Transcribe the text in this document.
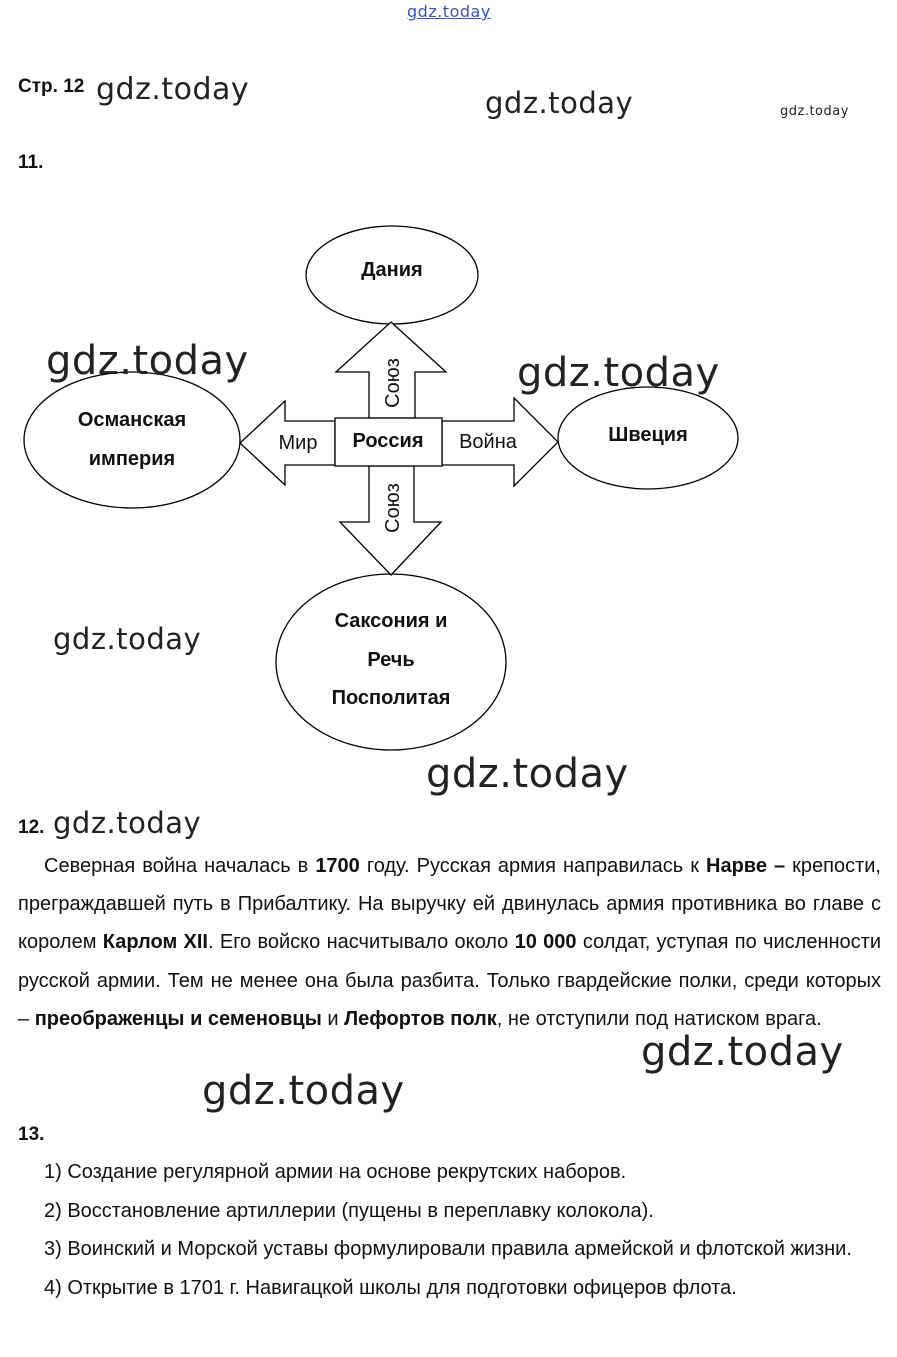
gdz.today
Стр. 12 gdz.today	gdz.today	gdz.today
11.
Дания
Османская
империя
Швеция
Саксония и
Речь
Посполитая
Россия
Союз
Союз
Мир	Война
gdz.today	gdz.today
gdz.today
gdz.today
12. gdz.today

Северная война началась в 1700 году. Русская армия направилась к Нарве – крепости, преграждавшей путь в Прибалтику. На выручку ей двинулась армия противника во главе с королем Карлом XII. Его войско насчитывало около 10 000 солдат, уступая по численности русской армии. Тем не менее она была разбита. Только гвардейские полки, среди которых – преображенцы и семеновцы и Лефортов полк, не отступили под натиском врага.

gdz.today
gdz.today
13.

1) Создание регулярной армии на основе рекрутских наборов.

2) Восстановление артиллерии (пущены в переплавку колокола).

3) Воинский и Морской уставы формулировали правила армейской и флотской жизни.

4) Открытие в 1701 г. Навигацкой школы для подготовки офицеров флота.
